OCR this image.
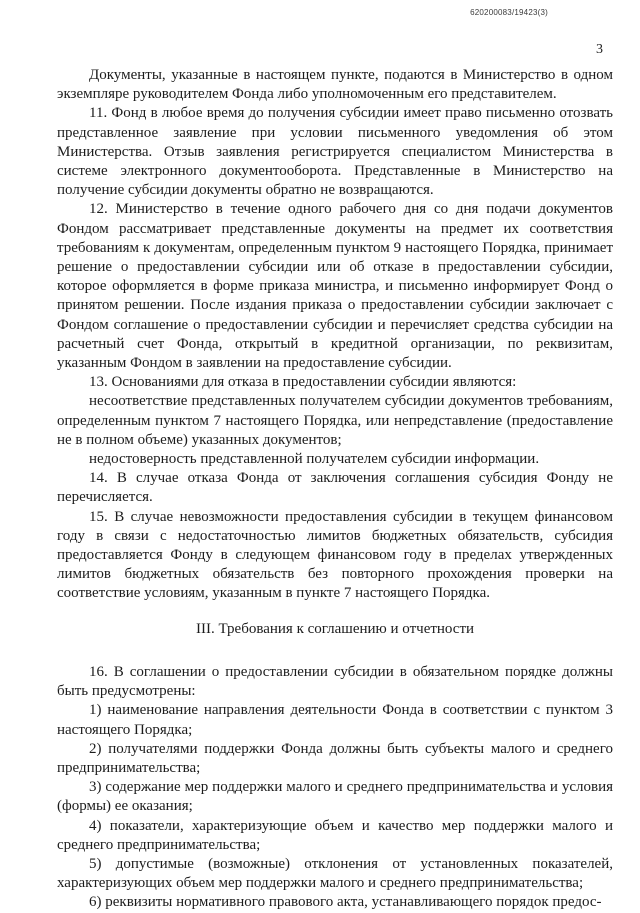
620200083/19423(3)
3

Документы, указанные в настоящем пункте, подаются в Министерство в одном экземпляре руководителем Фонда либо уполномоченным его представителем.

11. Фонд в любое время до получения субсидии имеет право письменно отозвать представленное заявление при условии письменного уведомления об этом Министерства. Отзыв заявления регистрируется специалистом Министерства в системе электронного документооборота. Представленные в Министерство на получение субсидии документы обратно не возвращаются.

12. Министерство в течение одного рабочего дня со дня подачи документов Фондом рассматривает представленные документы на предмет их соответствия требованиям к документам, определенным пунктом 9 настоящего Порядка, принимает решение о предоставлении субсидии или об отказе в предоставлении субсидии, которое оформляется в форме приказа министра, и письменно информирует Фонд о принятом решении. После издания приказа о предоставлении субсидии заключает с Фондом соглашение о предоставлении субсидии и перечисляет средства субсидии на расчетный счет Фонда, открытый в кредитной организации, по реквизитам, указанным Фондом в заявлении на предоставление субсидии.

13. Основаниями для отказа в предоставлении субсидии являются:

несоответствие представленных получателем субсидии документов требованиям, определенным пунктом 7 настоящего Порядка, или непредставление (предоставление не в полном объеме) указанных документов;

недостоверность представленной получателем субсидии информации.

14. В случае отказа Фонда от заключения соглашения субсидия Фонду не перечисляется.

15. В случае невозможности предоставления субсидии в текущем финансовом году в связи с недостаточностью лимитов бюджетных обязательств, субсидия предоставляется Фонду в следующем финансовом году в пределах утвержденных лимитов бюджетных обязательств без повторного прохождения проверки на соответствие условиям, указанным в пункте 7 настоящего Порядка.

III. Требования к соглашению и отчетности

16. В соглашении о предоставлении субсидии в обязательном порядке должны быть предусмотрены:

1) наименование направления деятельности Фонда в соответствии с пунктом 3 настоящего Порядка;

2) получателями поддержки Фонда должны быть субъекты малого и среднего предпринимательства;

3) содержание мер поддержки малого и среднего предпринимательства и условия (формы) ее оказания;

4) показатели, характеризующие объем и качество мер поддержки малого и среднего предпринимательства;

5) допустимые (возможные) отклонения от установленных показателей, характеризующих объем мер поддержки малого и среднего предпринимательства;

6) реквизиты нормативного правового акта, устанавливающего порядок предос-
